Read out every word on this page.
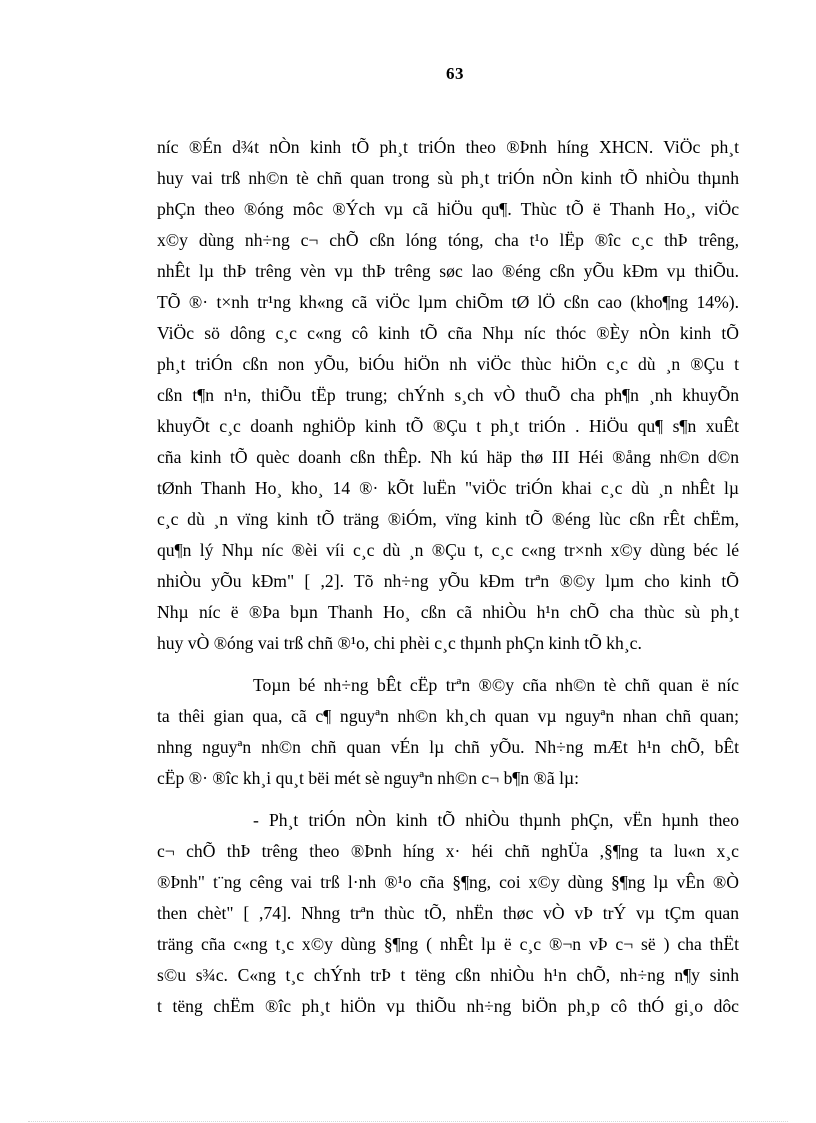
63
níc ®Én d¾t nÒn kinh tÕ ph¸t triÓn theo ®Þnh híng XHCN. ViÖc ph¸t
huy vai trß nh©n tè chñ quan trong sù ph¸t triÓn nÒn kinh tÕ nhiÒu thµnh
phÇn theo ®óng môc ®Ých vµ cã hiÖu qu¶. Thùc tÕ ë Thanh Ho¸, viÖc
x©y dùng nh÷ng c¬ chÕ cßn lóng tóng, cha t¹o lËp ®îc c¸c thÞ trêng,
nhÊt lµ thÞ trêng vèn vµ thÞ trêng søc lao ®éng cßn yÕu kÐm vµ thiÕu.
TÕ ®· t×nh tr¹ng kh«ng cã viÖc lµm chiÕm tØ lÖ cßn cao (kho¶ng 14%).
ViÖc sö dông c¸c c«ng cô kinh tÕ cña Nhµ níc thóc ®Èy nÒn kinh tÕ
ph¸t triÓn cßn non yÕu, biÓu hiÖn nh viÖc thùc hiÖn c¸c dù ¸n ®Çu t
cßn t¶n n¹n, thiÕu tËp trung; chÝnh s¸ch vÒ thuÕ cha ph¶n ¸nh khuyÕn
khuyÕt c¸c doanh nghiÖp kinh tÕ ®Çu t ph¸t triÓn . HiÖu qu¶ s¶n xuÊt
cña kinh tÕ quèc doanh cßn thÊp. Nh kú häp thø III Héi ®ång nh©n d©n
tØnh Thanh Ho¸ kho¸ 14 ®· kÕt luËn "viÖc triÓn khai c¸c dù ¸n nhÊt lµ
c¸c dù ¸n vïng kinh tÕ träng ®iÓm, vïng kinh tÕ ®éng lùc cßn rÊt chËm,
qu¶n lý Nhµ níc ®èi víi c¸c dù ¸n ®Çu t, c¸c c«ng tr×nh x©y dùng béc lé
nhiÒu yÕu kÐm" [ ,2]. Tõ nh÷ng yÕu kÐm trªn ®©y lµm cho kinh tÕ
Nhµ níc ë ®Þa bµn Thanh Ho¸ cßn cã nhiÒu h¹n chÕ cha thùc sù ph¸t
huy vÒ ®óng vai trß chñ ®¹o, chi phèi c¸c thµnh phÇn kinh tÕ kh¸c.
Toµn bé nh÷ng bÊt cËp trªn ®©y cña nh©n tè chñ quan ë níc
ta thêi gian qua, cã c¶ nguyªn nh©n kh¸ch quan vµ nguyªn nhan chñ quan;
nhng nguyªn nh©n chñ quan vÉn lµ chñ yÕu. Nh÷ng mÆt h¹n chÕ, bÊt
cËp ®· ®îc kh¸i qu¸t bëi mét sè nguyªn nh©n c¬ b¶n ®ã lµ:
- Ph¸t triÓn nÒn kinh tÕ nhiÒu thµnh phÇn, vËn hµnh theo
c¬ chÕ thÞ trêng theo ®Þnh híng x· héi chñ nghÜa ,§¶ng ta lu«n x¸c
®Þnh" t¨ng cêng vai trß l·nh ®¹o cña §¶ng, coi x©y dùng §¶ng lµ vÊn ®Ò
then chèt" [ ,74]. Nhng trªn thùc tÕ, nhËn thøc vÒ vÞ trÝ vµ tÇm quan
träng cña c«ng t¸c x©y dùng §¶ng ( nhÊt lµ ë c¸c ®¬n vÞ c¬ së ) cha thËt
s©u s¾c. C«ng t¸c chÝnh trÞ t tëng cßn nhiÒu h¹n chÕ, nh÷ng n¶y sinh
t tëng chËm ®îc ph¸t hiÖn vµ thiÕu nh÷ng biÖn ph¸p cô thÓ gi¸o dôc
